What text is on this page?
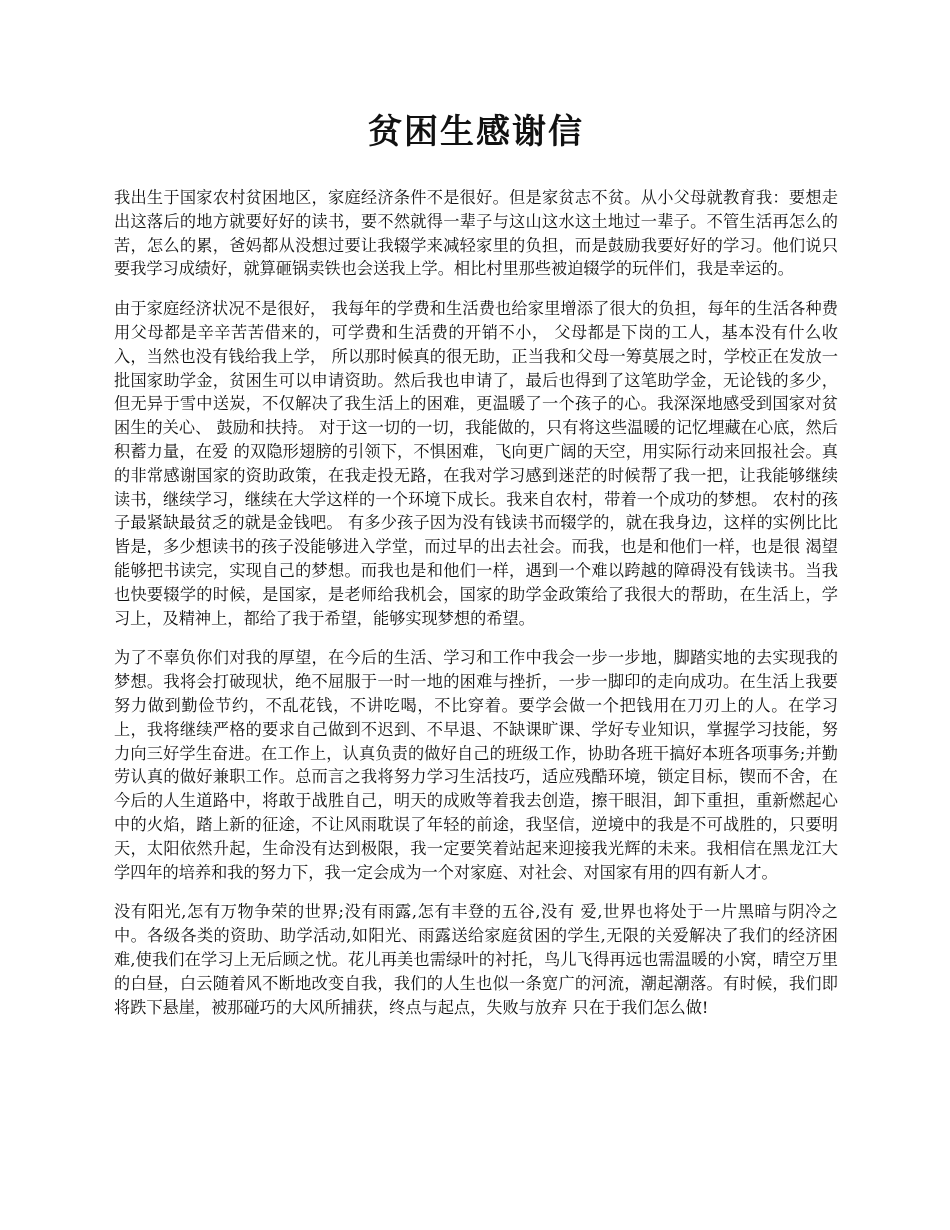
贫困生感谢信

我出生于国家农村贫困地区，家庭经济条件不是很好。但是家贫志不贫。从小父母就教育我：要想走出这落后的地方就要好好的读书，要不然就得一辈子与这山这水这土地过一辈子。不管生活再怎么的苦，怎么的累，爸妈都从没想过要让我辍学来减轻家里的负担，而是鼓励我要好好的学习。他们说只要我学习成绩好，就算砸锅卖铁也会送我上学。相比村里那些被迫辍学的玩伴们，我是幸运的。

由于家庭经济状况不是很好， 我每年的学费和生活费也给家里增添了很大的负担，每年的生活各种费用父母都是辛辛苦苦借来的，可学费和生活费的开销不小， 父母都是下岗的工人，基本没有什么收入，当然也没有钱给我上学， 所以那时候真的很无助，正当我和父母一筹莫展之时，学校正在发放一批国家助学金，贫困生可以申请资助。然后我也申请了，最后也得到了这笔助学金，无论钱的多少，但无异于雪中送炭，不仅解决了我生活上的困难，更温暖了一个孩子的心。我深深地感受到国家对贫困生的关心、 鼓励和扶持。 对于这一切的一切，我能做的，只有将这些温暖的记忆埋藏在心底，然后积蓄力量，在爱 的双隐形翅膀的引领下，不惧困难，飞向更广阔的天空，用实际行动来回报社会。真的非常感谢国家的资助政策，在我走投无路，在我对学习感到迷茫的时候帮了我一把，让我能够继续读书，继续学习，继续在大学这样的一个环境下成长。我来自农村，带着一个成功的梦想。 农村的孩子最紧缺最贫乏的就是金钱吧。 有多少孩子因为没有钱读书而辍学的，就在我身边，这样的实例比比皆是，多少想读书的孩子没能够进入学堂，而过早的出去社会。而我，也是和他们一样，也是很 渴望能够把书读完，实现自己的梦想。而我也是和他们一样，遇到一个难以跨越的障碍没有钱读书。当我也快要辍学的时候，是国家，是老师给我机会，国家的助学金政策给了我很大的帮助，在生活上，学习上，及精神上，都给了我于希望，能够实现梦想的希望。

为了不辜负你们对我的厚望，在今后的生活、学习和工作中我会一步一步地，脚踏实地的去实现我的梦想。我将会打破现状，绝不屈服于一时一地的困难与挫折，一步一脚印的走向成功。在生活上我要努力做到勤俭节约，不乱花钱，不讲吃喝，不比穿着。要学会做一个把钱用在刀刃上的人。在学习上，我将继续严格的要求自己做到不迟到、不早退、不缺课旷课、学好专业知识，掌握学习技能，努力向三好学生奋进。在工作上，认真负责的做好自己的班级工作，协助各班干搞好本班各项事务;并勤劳认真的做好兼职工作。总而言之我将努力学习生活技巧，适应残酷环境，锁定目标，锲而不舍，在今后的人生道路中，将敢于战胜自己，明天的成败等着我去创造，擦干眼泪，卸下重担，重新燃起心中的火焰，踏上新的征途，不让风雨耽误了年轻的前途，我坚信，逆境中的我是不可战胜的，只要明天，太阳依然升起，生命没有达到极限，我一定要笑着站起来迎接我光辉的未来。我相信在黑龙江大学四年的培养和我的努力下，我一定会成为一个对家庭、对社会、对国家有用的四有新人才。

没有阳光,怎有万物争荣的世界;没有雨露,怎有丰登的五谷,没有 爱,世界也将处于一片黑暗与阴冷之中。各级各类的资助、助学活动,如阳光、雨露送给家庭贫困的学生,无限的关爱解决了我们的经济困难,使我们在学习上无后顾之忧。花儿再美也需绿叶的衬托，鸟儿飞得再远也需温暖的小窝，晴空万里的白昼，白云随着风不断地改变自我，我们的人生也似一条宽广的河流，潮起潮落。有时候，我们即将跌下悬崖，被那碰巧的大风所捕获，终点与起点，失败与放弃 只在于我们怎么做!
